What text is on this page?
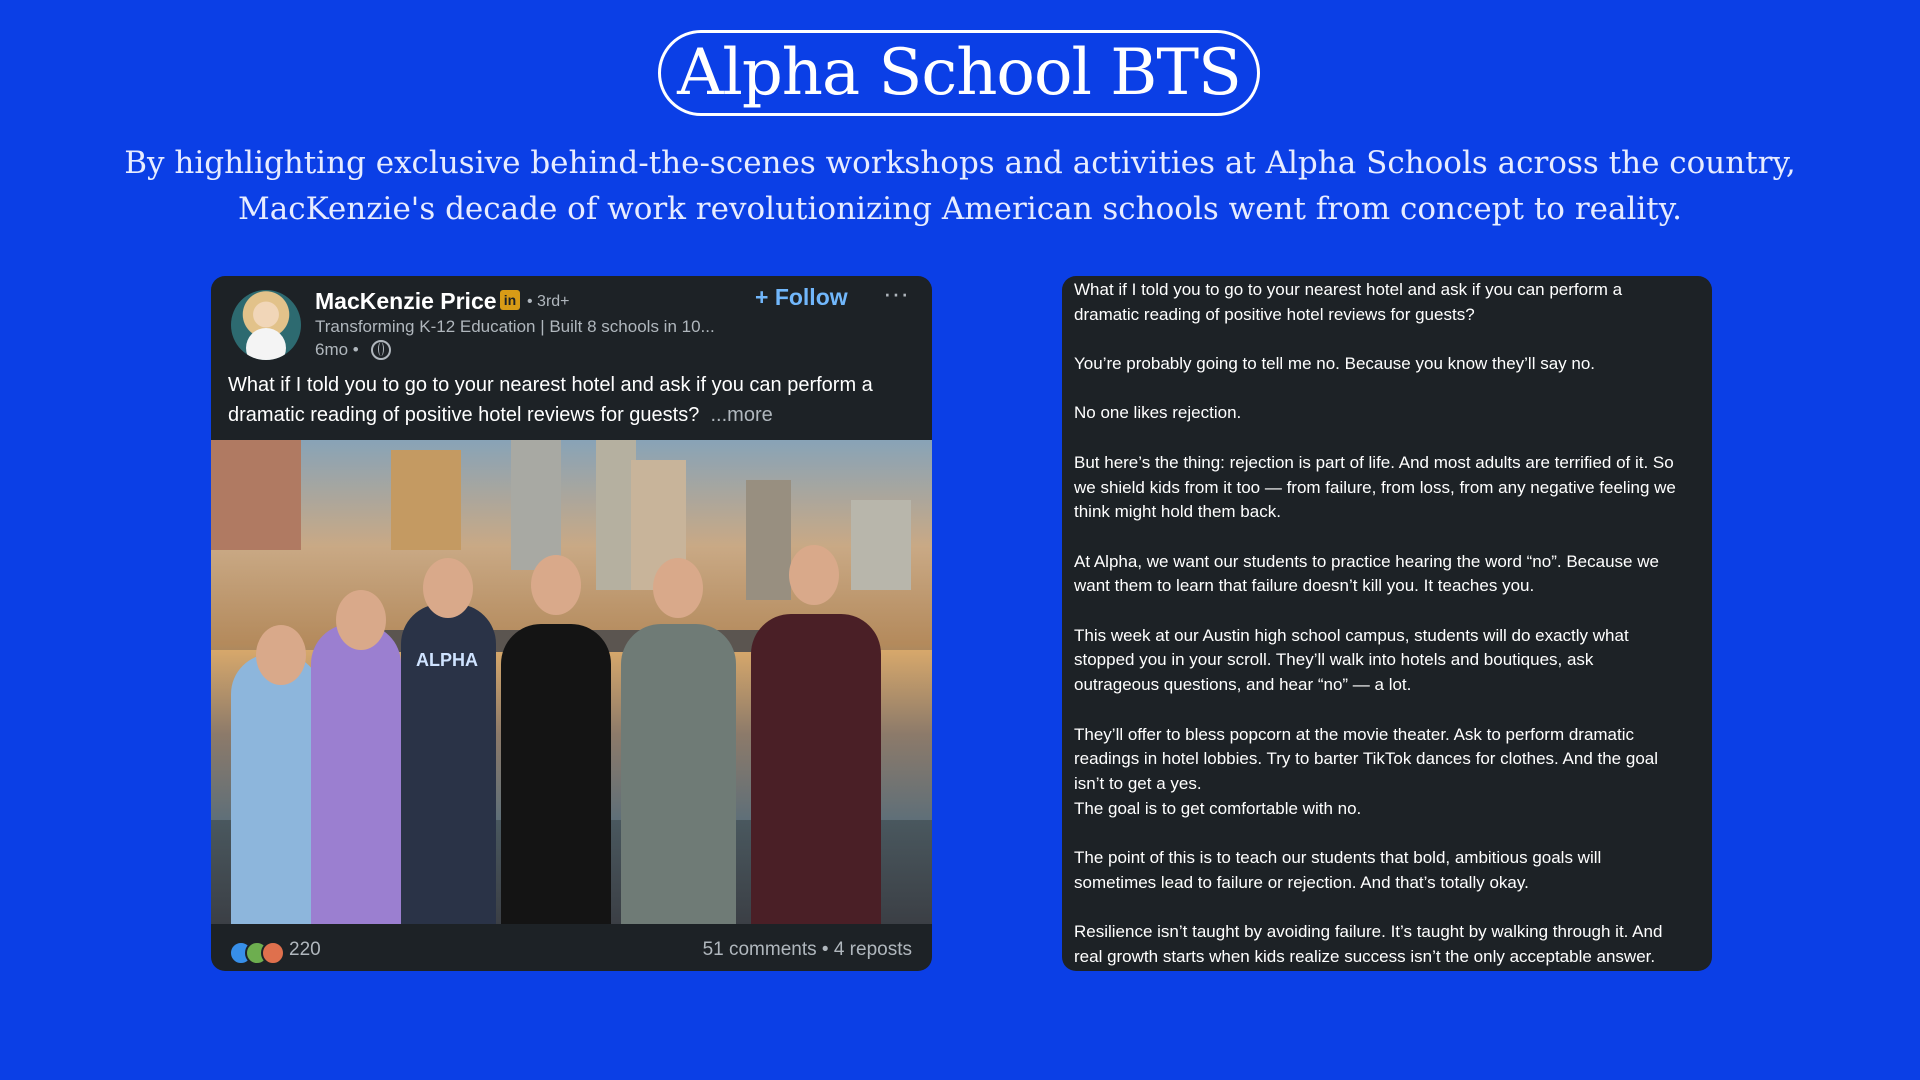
Alpha School BTS
By highlighting exclusive behind-the-scenes workshops and activities at Alpha Schools across the country,
MacKenzie's decade of work revolutionizing American schools went from concept to reality.
MacKenzie Price in • 3rd+
Transforming K-12 Education | Built 8 schools in 10...
6mo •
+ Follow ···
What if I told you to go to your nearest hotel and ask if you can perform a dramatic reading of positive hotel reviews for guests? ...more
ALPHA
220	51 comments • 4 reposts

What if I told you to go to your nearest hotel and ask if you can perform a
dramatic reading of positive hotel reviews for guests?

You’re probably going to tell me no. Because you know they’ll say no.

No one likes rejection.

But here’s the thing: rejection is part of life. And most adults are terrified of it. So
we shield kids from it too — from failure, from loss, from any negative feeling we
think might hold them back.

At Alpha, we want our students to practice hearing the word “no”. Because we
want them to learn that failure doesn’t kill you. It teaches you.

This week at our Austin high school campus, students will do exactly what
stopped you in your scroll. They’ll walk into hotels and boutiques, ask
outrageous questions, and hear “no” — a lot.

They’ll offer to bless popcorn at the movie theater. Ask to perform dramatic
readings in hotel lobbies. Try to barter TikTok dances for clothes. And the goal
isn’t to get a yes.
The goal is to get comfortable with no.

The point of this is to teach our students that bold, ambitious goals will
sometimes lead to failure or rejection. And that’s totally okay.

Resilience isn’t taught by avoiding failure. It’s taught by walking through it. And
real growth starts when kids realize success isn’t the only acceptable answer.
